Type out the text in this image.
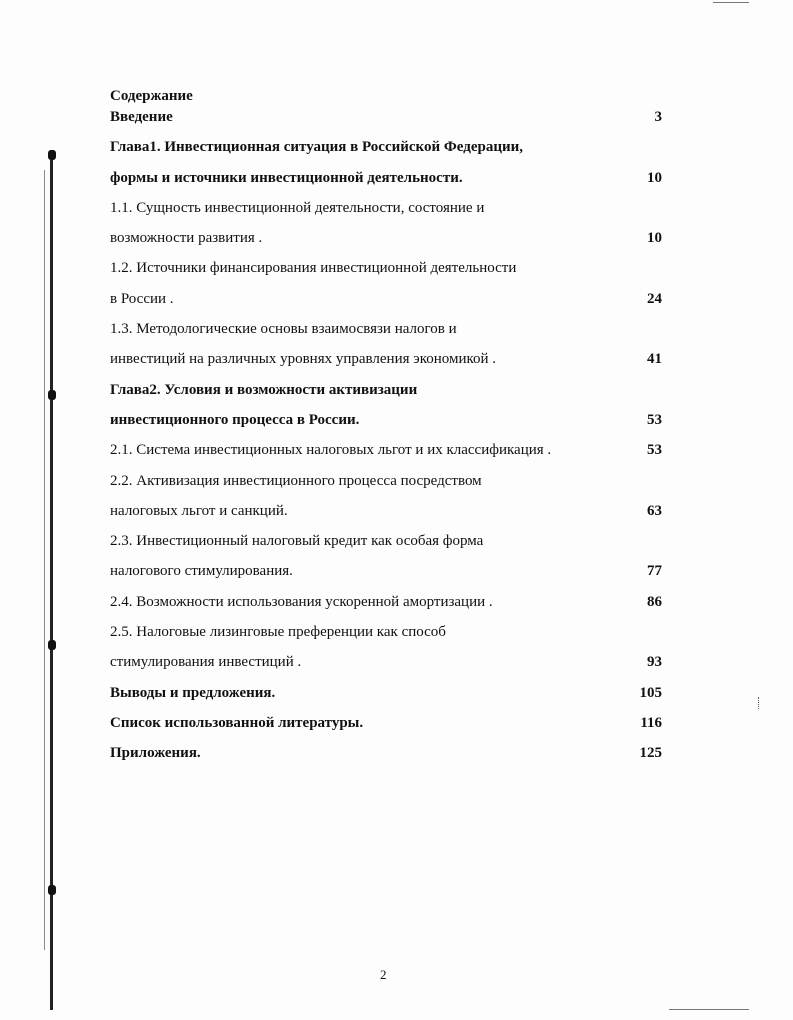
Содержание
Введение	3
Глава1. Инвестиционная ситуация в Российской Федерации,
формы и источники инвестиционной деятельности.	10
1.1. Сущность инвестиционной деятельности, состояние и
возможности развития .	10
1.2. Источники финансирования инвестиционной деятельности
в России .	24
1.3. Методологические основы взаимосвязи налогов и
инвестиций на различных уровнях управления экономикой .	41
Глава2. Условия и возможности активизации
инвестиционного процесса в России.	53
2.1. Система инвестиционных налоговых льгот и их классификация .	53
2.2. Активизация инвестиционного процесса посредством
налоговых льгот и санкций.	63
2.3. Инвестиционный налоговый кредит как особая форма
налогового стимулирования.	77
2.4. Возможности использования ускоренной амортизации .	86
2.5. Налоговые лизинговые преференции как способ
стимулирования инвестиций .	93
Выводы и предложения.	105
Список использованной литературы.	116
Приложения.	125
2
